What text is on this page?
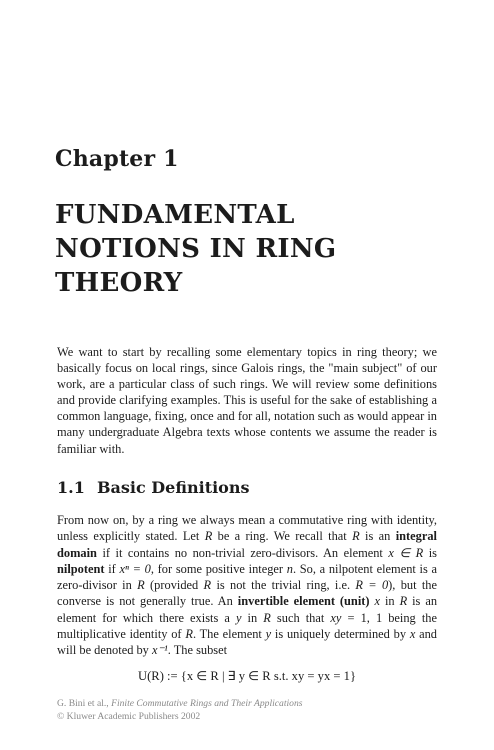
Chapter 1
FUNDAMENTAL
NOTIONS IN RING
THEORY

We want to start by recalling some elementary topics in ring theory; we basically focus on local rings, since Galois rings, the "main subject" of our work, are a particular class of such rings. We will review some definitions and provide clarifying examples. This is useful for the sake of establishing a common language, fixing, once and for all, notation such as would appear in many undergraduate Algebra texts whose contents we assume the reader is familiar with.

1.1 Basic Definitions

From now on, by a ring we always mean a commutative ring with identity, unless explicitly stated. Let R be a ring. We recall that R is an integral domain if it contains no non-trivial zero-divisors. An element x ∈ R is nilpotent if xⁿ = 0, for some positive integer n. So, a nilpotent element is a zero-divisor in R (provided R is not the trivial ring, i.e. R = 0), but the converse is not generally true. An invertible element (unit) x in R is an element for which there exists a y in R such that xy = 1, 1 being the multiplicative identity of R. The element y is uniquely determined by x and will be denoted by x⁻¹. The subset

U(R) := {x ∈ R | ∃ y ∈ R s.t. xy = yx = 1}
G. Bini et al., Finite Commutative Rings and Their Applications
© Kluwer Academic Publishers 2002
